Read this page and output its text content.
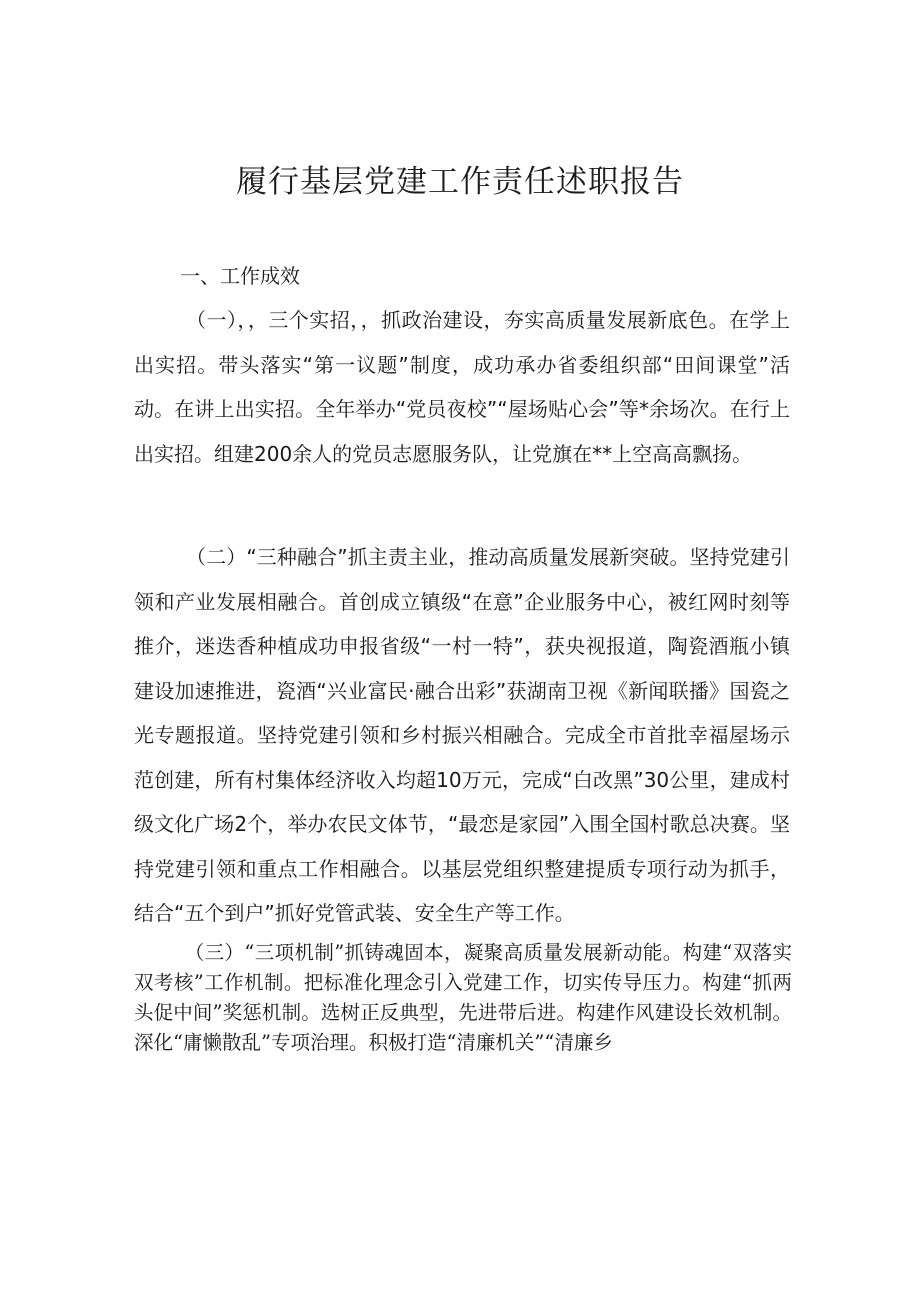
履行基层党建工作责任述职报告

一、工作成效

（一），，三个实招，，抓政治建设，夯实高质量发展新底色。在学上出实招。带头落实“第一议题”制度，成功承办省委组织部“田间课堂”活动。在讲上出实招。全年举办“党员夜校”“屋场贴心会”等*余场次。在行上出实招。组建200余人的党员志愿服务队，让党旗在**上空高高飘扬。

（二）“三种融合”抓主责主业，推动高质量发展新突破。坚持党建引领和产业发展相融合。首创成立镇级“在意”企业服务中心，被红网时刻等推介，迷迭香种植成功申报省级“一村一特”，获央视报道，陶瓷酒瓶小镇建设加速推进，瓷酒“兴业富民·融合出彩”获湖南卫视《新闻联播》国瓷之光专题报道。坚持党建引领和乡村振兴相融合。完成全市首批幸福屋场示范创建，所有村集体经济收入均超10万元，完成“白改黑”30公里，建成村级文化广场2个，举办农民文体节，“最恋是家园”入围全国村歌总决赛。坚持党建引领和重点工作相融合。以基层党组织整建提质专项行动为抓手，结合“五个到户”抓好党管武装、安全生产等工作。

（三）“三项机制”抓铸魂固本，凝聚高质量发展新动能。构建“双落实双考核”工作机制。把标准化理念引入党建工作，切实传导压力。构建“抓两头促中间”奖惩机制。选树正反典型，先进带后进。构建作风建设长效机制。深化“庸懒散乱”专项治理。积极打造“清廉机关”“清廉乡
